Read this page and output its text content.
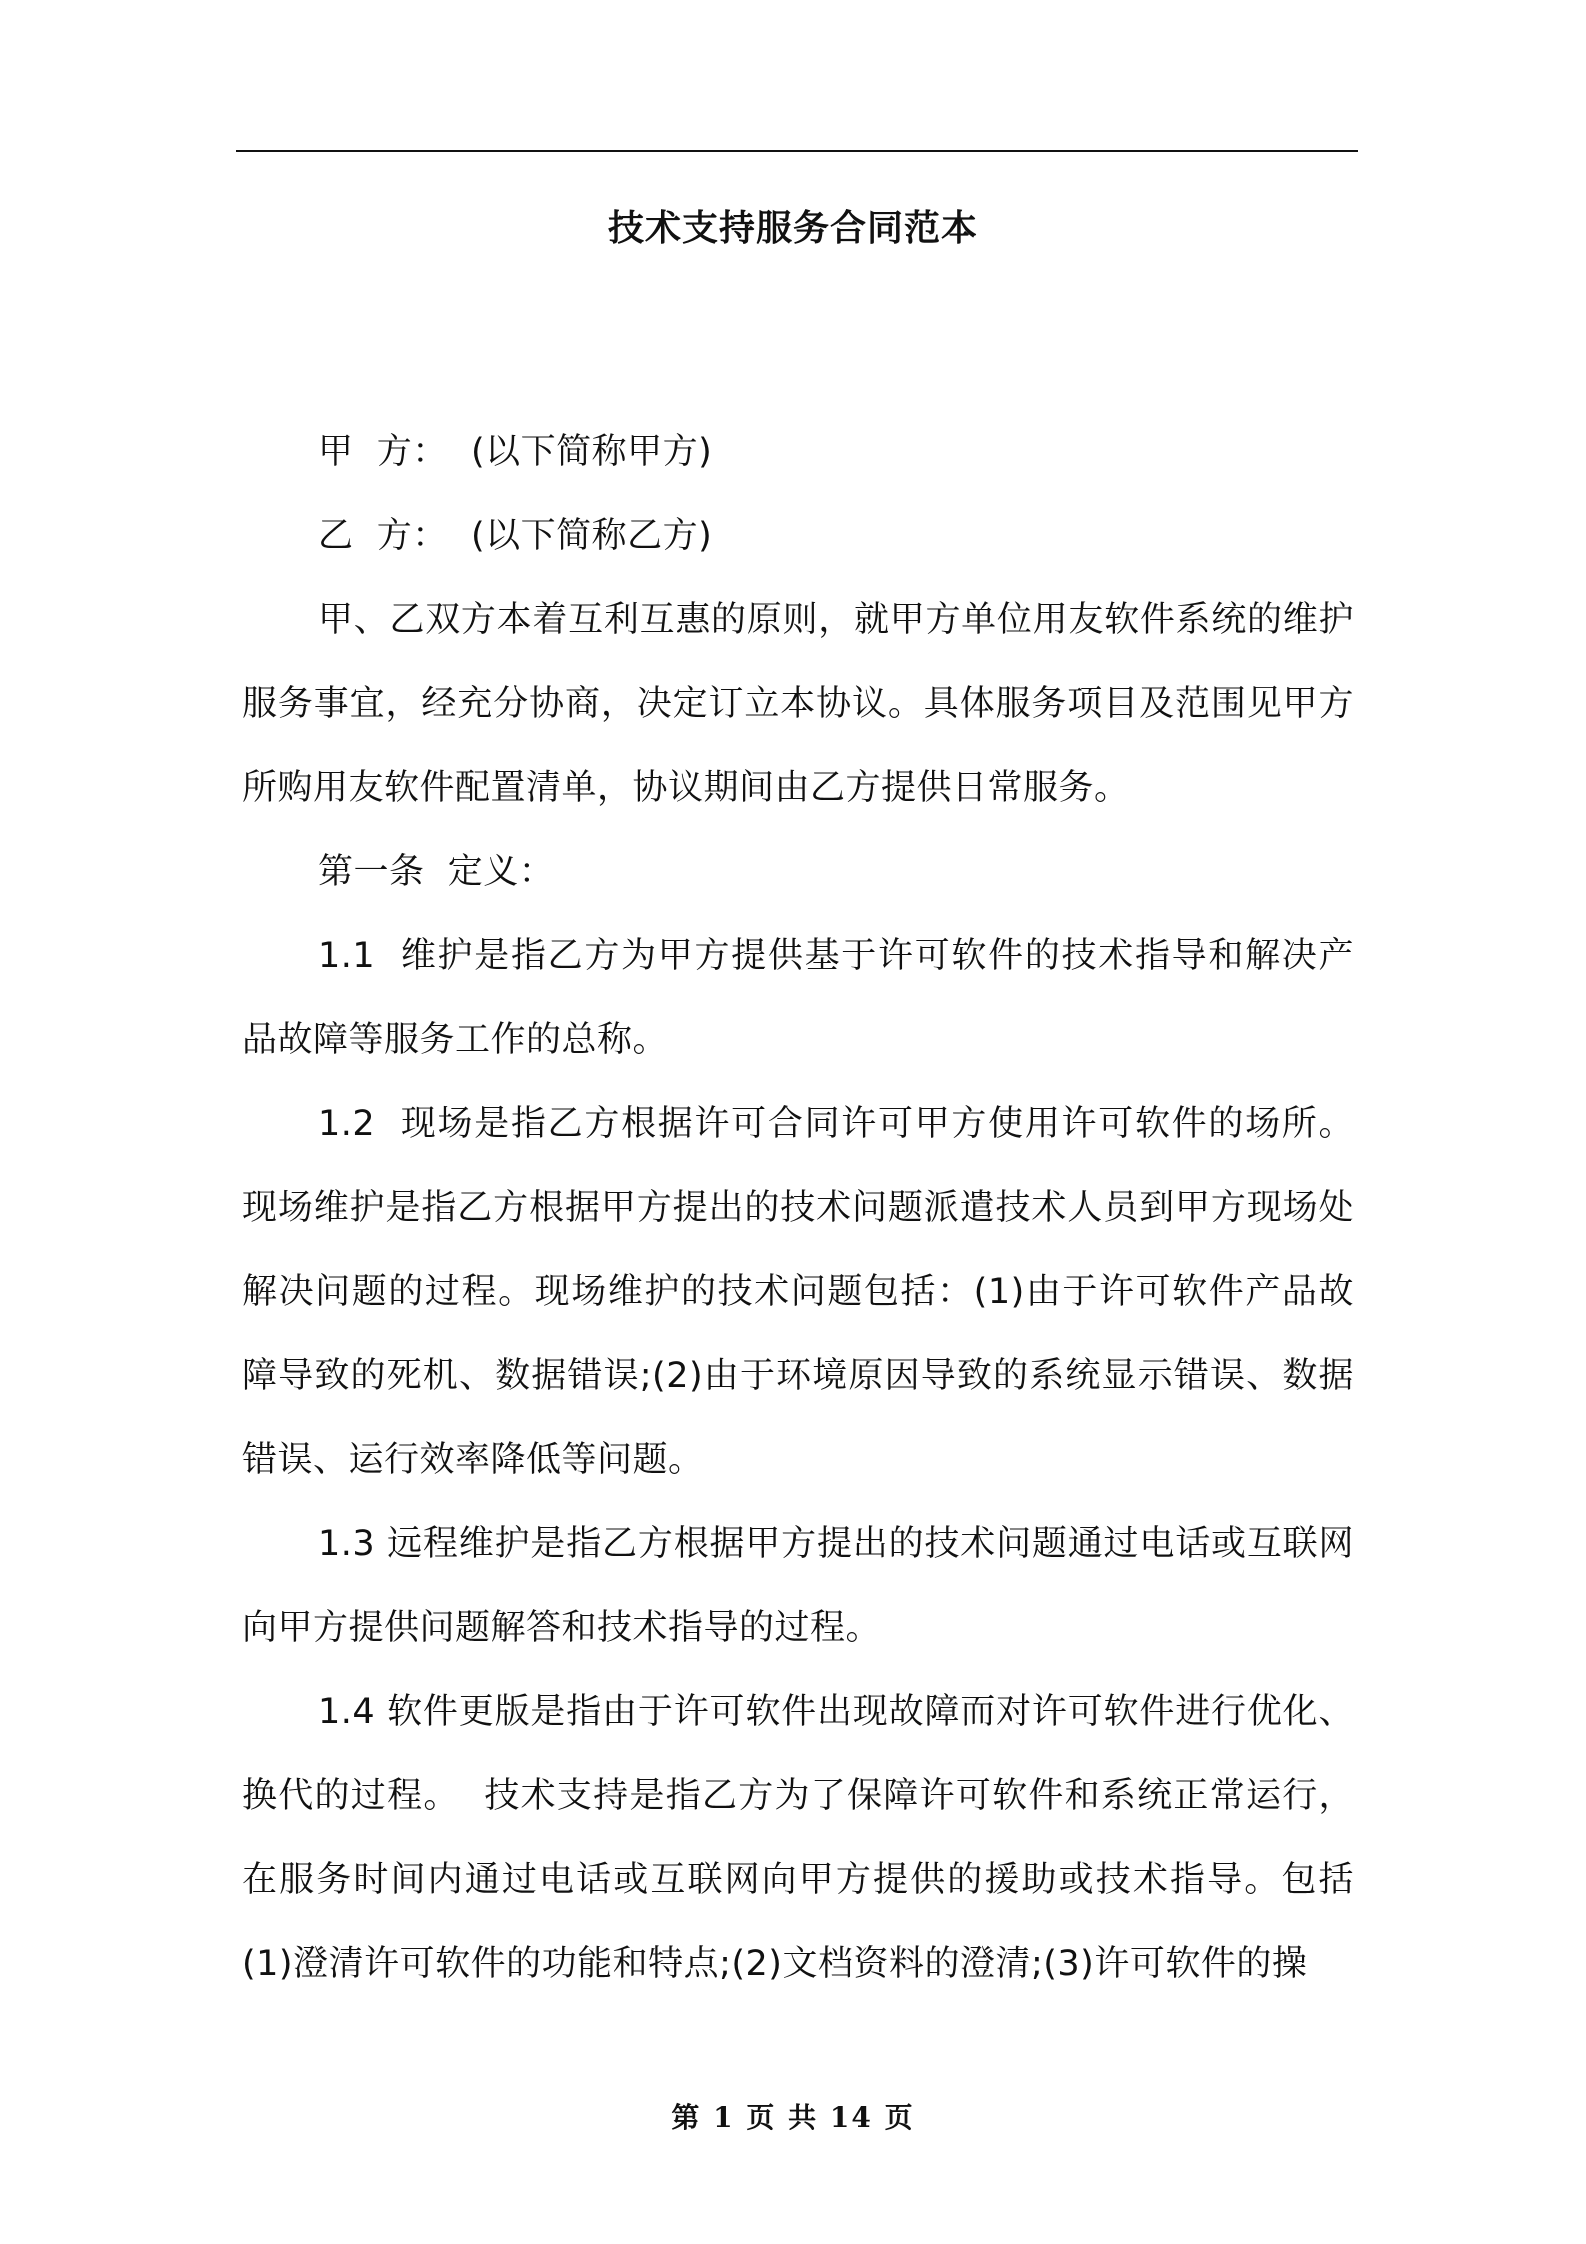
技术支持服务合同范本

甲  方：  (以下简称甲方)

乙  方：  (以下简称乙方)

甲、乙双方本着互利互惠的原则，就甲方单位用友软件系统的维护服务事宜，经充分协商，决定订立本协议。具体服务项目及范围见甲方所购用友软件配置清单，协议期间由乙方提供日常服务。

第一条  定义：

1.1  维护是指乙方为甲方提供基于许可软件的技术指导和解决产品故障等服务工作的总称。

1.2  现场是指乙方根据许可合同许可甲方使用许可软件的场所。现场维护是指乙方根据甲方提出的技术问题派遣技术人员到甲方现场处解决问题的过程。现场维护的技术问题包括：(1)由于许可软件产品故障导致的死机、数据错误;(2)由于环境原因导致的系统显示错误、数据错误、运行效率降低等问题。

1.3 远程维护是指乙方根据甲方提出的技术问题通过电话或互联网向甲方提供问题解答和技术指导的过程。

1.4 软件更版是指由于许可软件出现故障而对许可软件进行优化、换代的过程。  技术支持是指乙方为了保障许可软件和系统正常运行，在服务时间内通过电话或互联网向甲方提供的援助或技术指导。包括(1)澄清许可软件的功能和特点;(2)文档资料的澄清;(3)许可软件的操

第 1 页 共 14 页
